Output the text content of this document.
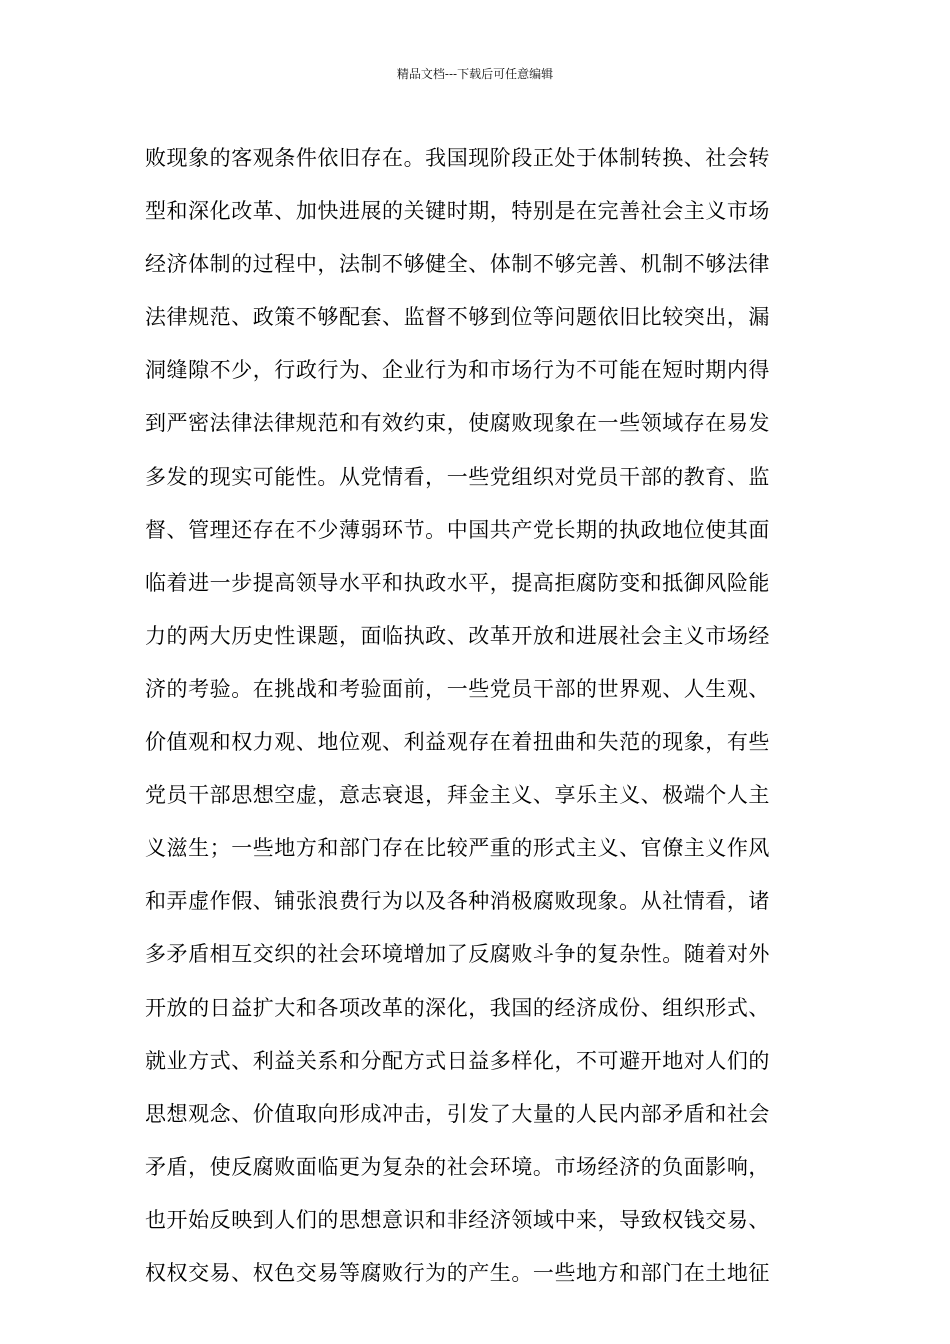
精品文档---下载后可任意编辑
败现象的客观条件依旧存在。我国现阶段正处于体制转换、社会转
型和深化改革、加快进展的关键时期，特别是在完善社会主义市场
经济体制的过程中，法制不够健全、体制不够完善、机制不够法律
法律规范、政策不够配套、监督不够到位等问题依旧比较突出，漏
洞缝隙不少，行政行为、企业行为和市场行为不可能在短时期内得
到严密法律法律规范和有效约束，使腐败现象在一些领域存在易发
多发的现实可能性。从党情看，一些党组织对党员干部的教育、监
督、管理还存在不少薄弱环节。中国共产党长期的执政地位使其面
临着进一步提高领导水平和执政水平，提高拒腐防变和抵御风险能
力的两大历史性课题，面临执政、改革开放和进展社会主义市场经
济的考验。在挑战和考验面前，一些党员干部的世界观、人生观、
价值观和权力观、地位观、利益观存在着扭曲和失范的现象，有些
党员干部思想空虚，意志衰退，拜金主义、享乐主义、极端个人主
义滋生；一些地方和部门存在比较严重的形式主义、官僚主义作风
和弄虚作假、铺张浪费行为以及各种消极腐败现象。从社情看，诸
多矛盾相互交织的社会环境增加了反腐败斗争的复杂性。随着对外
开放的日益扩大和各项改革的深化，我国的经济成份、组织形式、
就业方式、利益关系和分配方式日益多样化，不可避开地对人们的
思想观念、价值取向形成冲击，引发了大量的人民内部矛盾和社会
矛盾，使反腐败面临更为复杂的社会环境。市场经济的负面影响，
也开始反映到人们的思想意识和非经济领域中来，导致权钱交易、
权权交易、权色交易等腐败行为的产生。一些地方和部门在土地征
